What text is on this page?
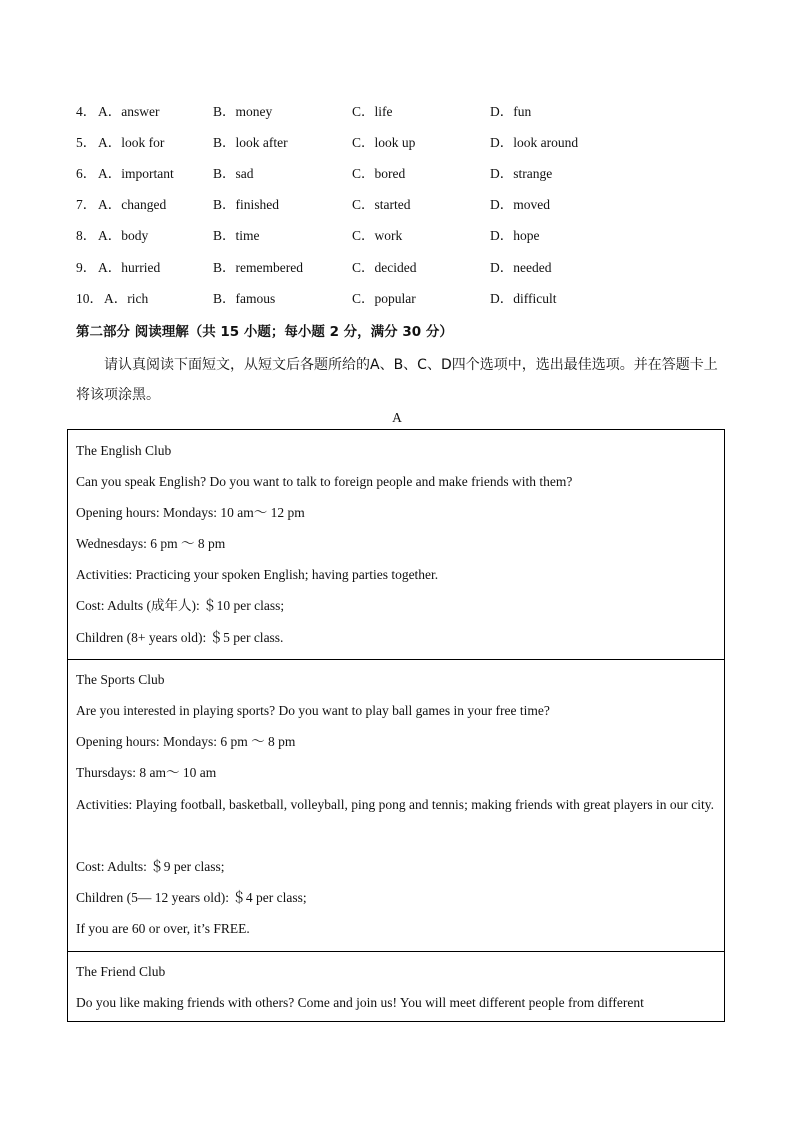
4． A．answer	B．money	C．life	D．fun
5． A．look for	B．look after	C．look up	D．look around
6． A．important	B．sad	C．bored	D．strange
7． A．changed	B．finished	C．started	D．moved
8． A．body	B．time	C．work	D．hope
9． A．hurried	B．remembered	C．decided	D．needed
10． A．rich	B．famous	C．popular	D．difficult
第二部分 阅读理解（共 15 小题；每小题 2 分，满分 30 分）
请认真阅读下面短文，从短文后各题所给的A、B、C、D四个选项中，选出最佳选项。并在答题卡上将该项涂黑。
A
The English Club
Can you speak English? Do you want to talk to foreign people and make friends with them?
Opening hours: Mondays: 10 am～ 12 pm
Wednesdays: 6 pm ～ 8 pm
Activities: Practicing your spoken English; having parties together.
Cost: Adults (成年人): ＄10 per class;
Children (8+ years old): ＄5 per class.
The Sports Club
Are you interested in playing sports? Do you want to play ball games in your free time?
Opening hours: Mondays: 6 pm ～ 8 pm
Thursdays: 8 am～ 10 am
Activities: Playing football, basketball, volleyball, ping pong and tennis; making friends with great players in our city.
Cost: Adults: ＄9 per class;
Children (5— 12 years old): ＄4 per class;
If you are 60 or over, it’s FREE.
The Friend Club
Do you like making friends with others? Come and join us! You will meet different people from different
